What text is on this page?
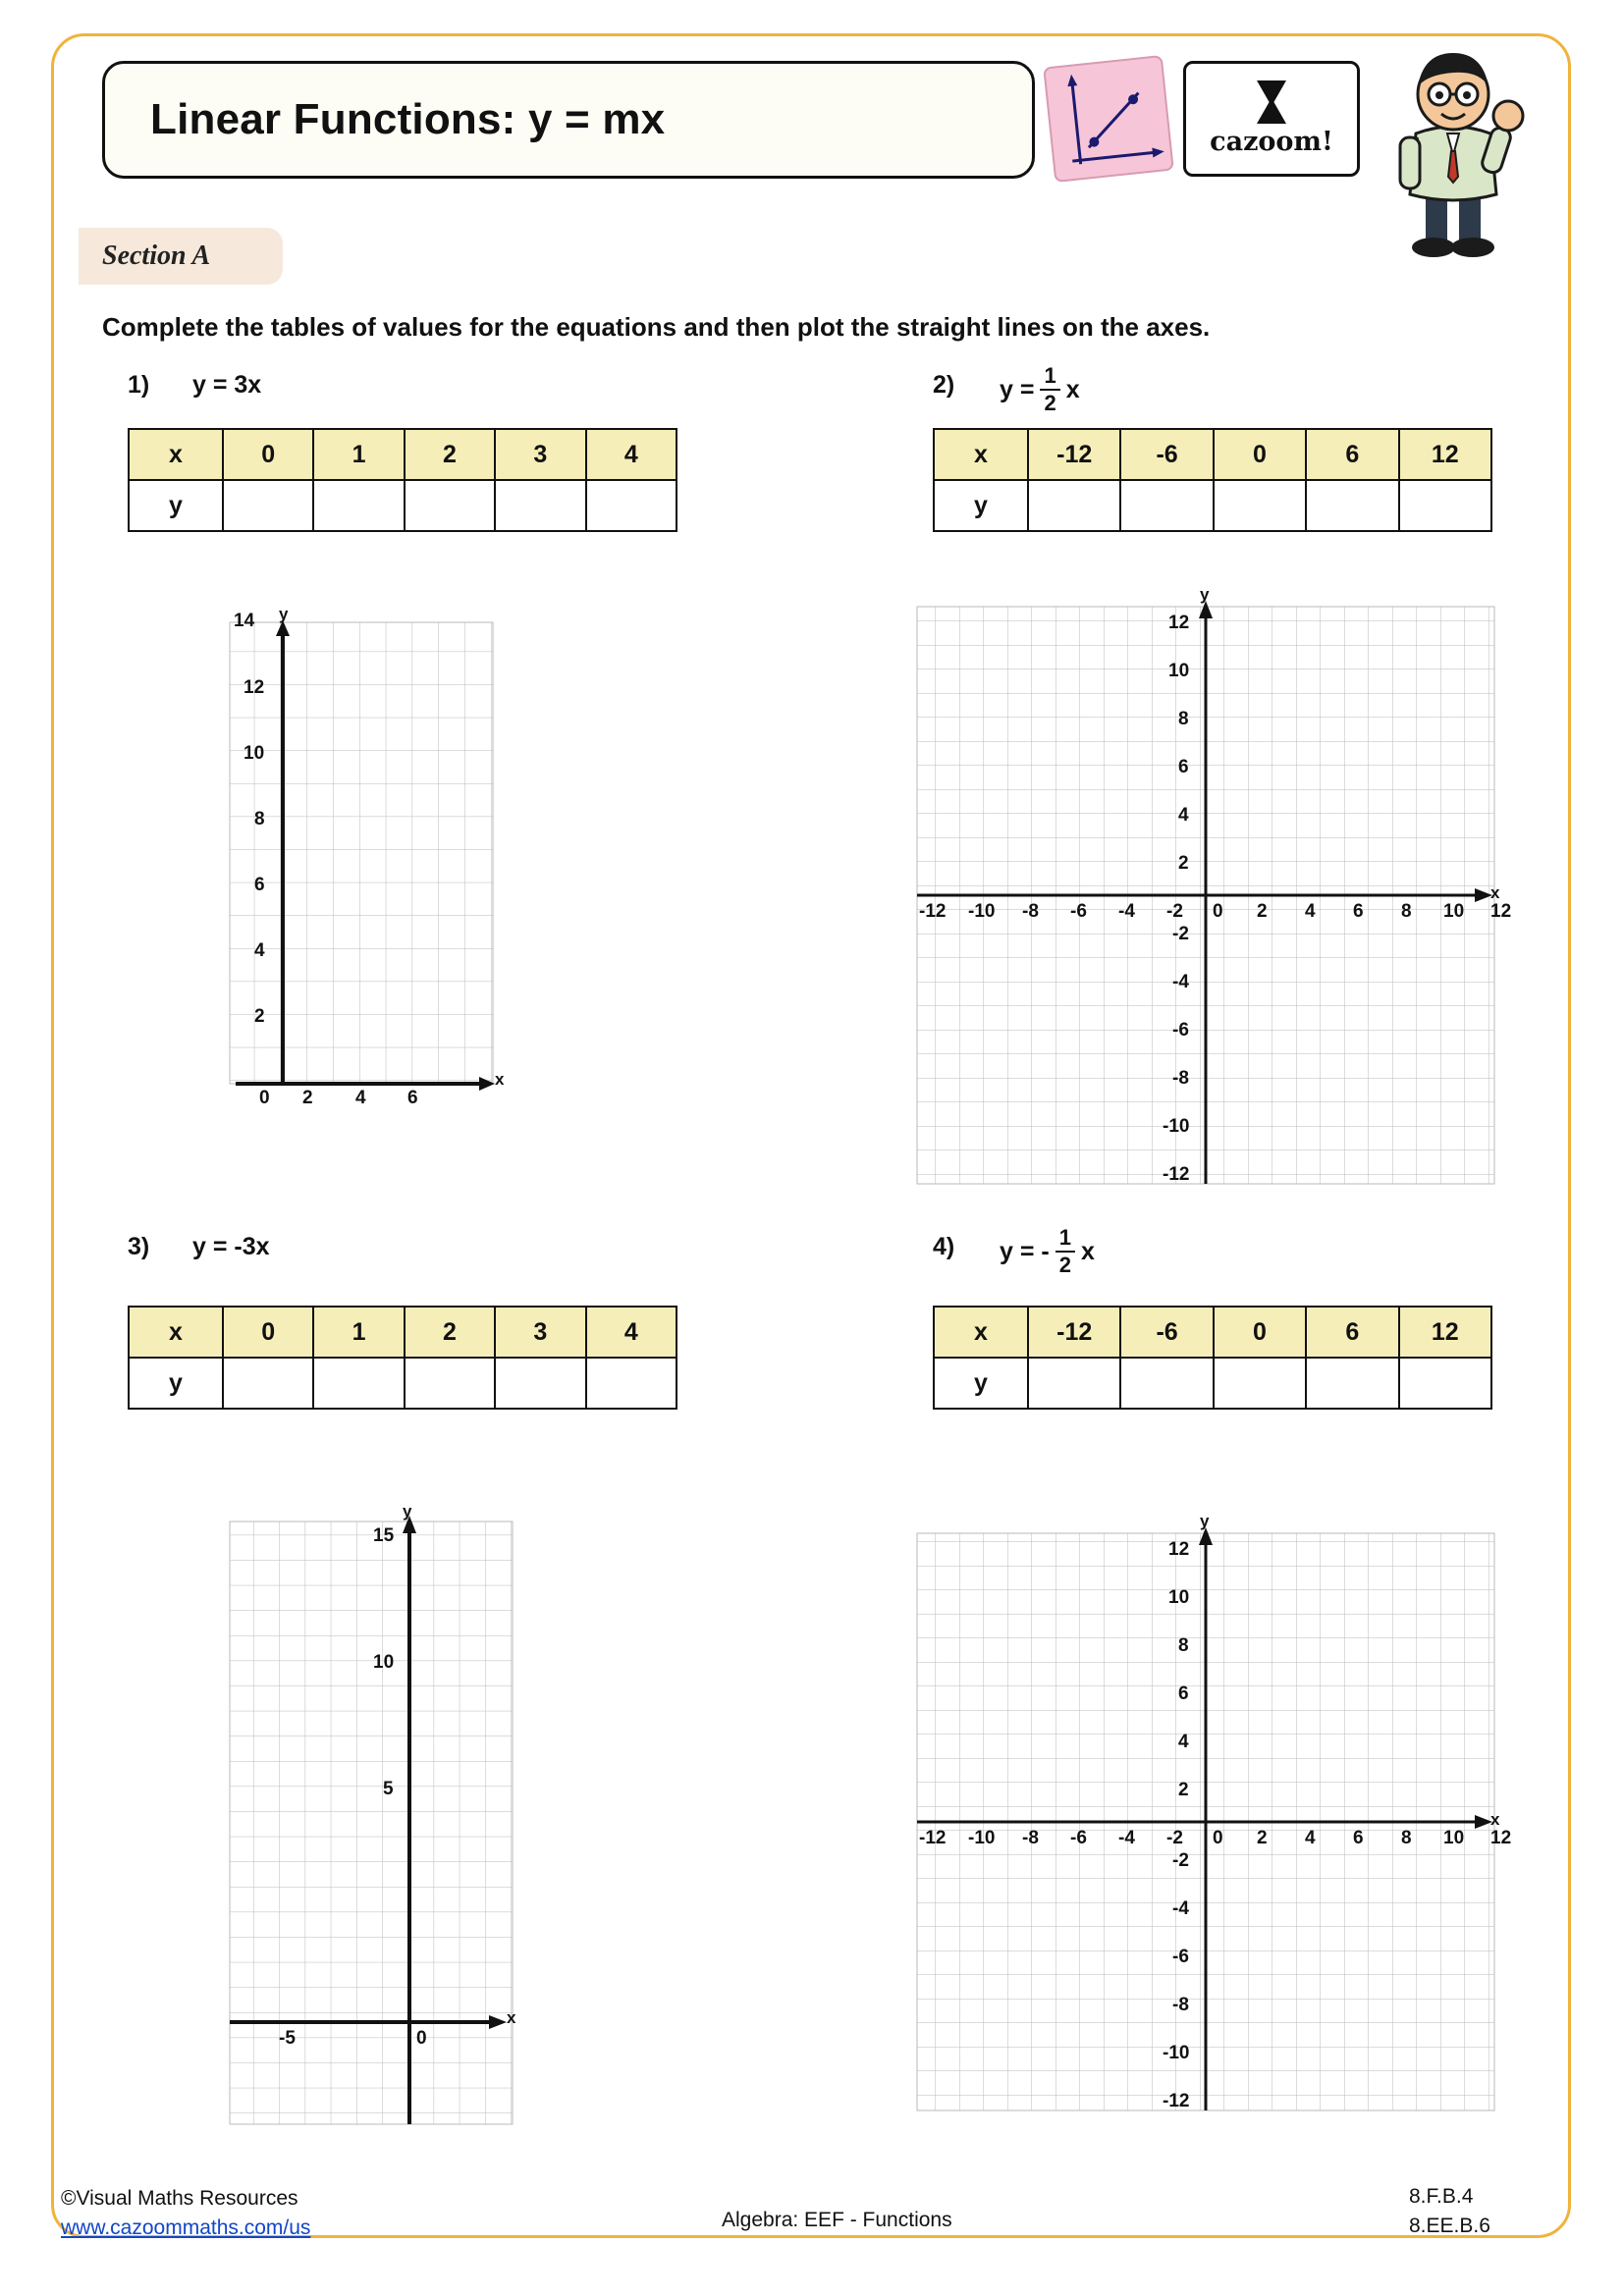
Linear Functions: y = mx	cazoom!
Section A
Complete the tables of values for the equations and then plot the straight lines on the axes.
1) y = 3x
x	0	1	2	3	4
y					
y
x
14
12
10
8
6
4
2
0 2 4 6
2) $y = \frac{1}{2}$ x
x	-12	-6	0	6	12
y					
y
x
12
10
8
6
4
2
-2
-4
-6
-8
-10
-12
-12 -10 -8 -6 -4 -2 0 2 4 6 8 10 12
3) y = -3x
x	0	1	2	3	4
y					
y
x
15
10
5
0
-5
4) y = - $\frac{1}{2}$ x
x	-12	-6	0	6	12
y					
y
x
12
10
8
6
4
2
-2
-4
-6
-8
-10
-12
-12 -10 -8 -6 -4 -2 0 2 4 6 8 10 12
©Visual Maths Resources
www.cazoommaths.com/us	Algebra: EEF - Functions
8.F.B.4
8.EE.B.6
